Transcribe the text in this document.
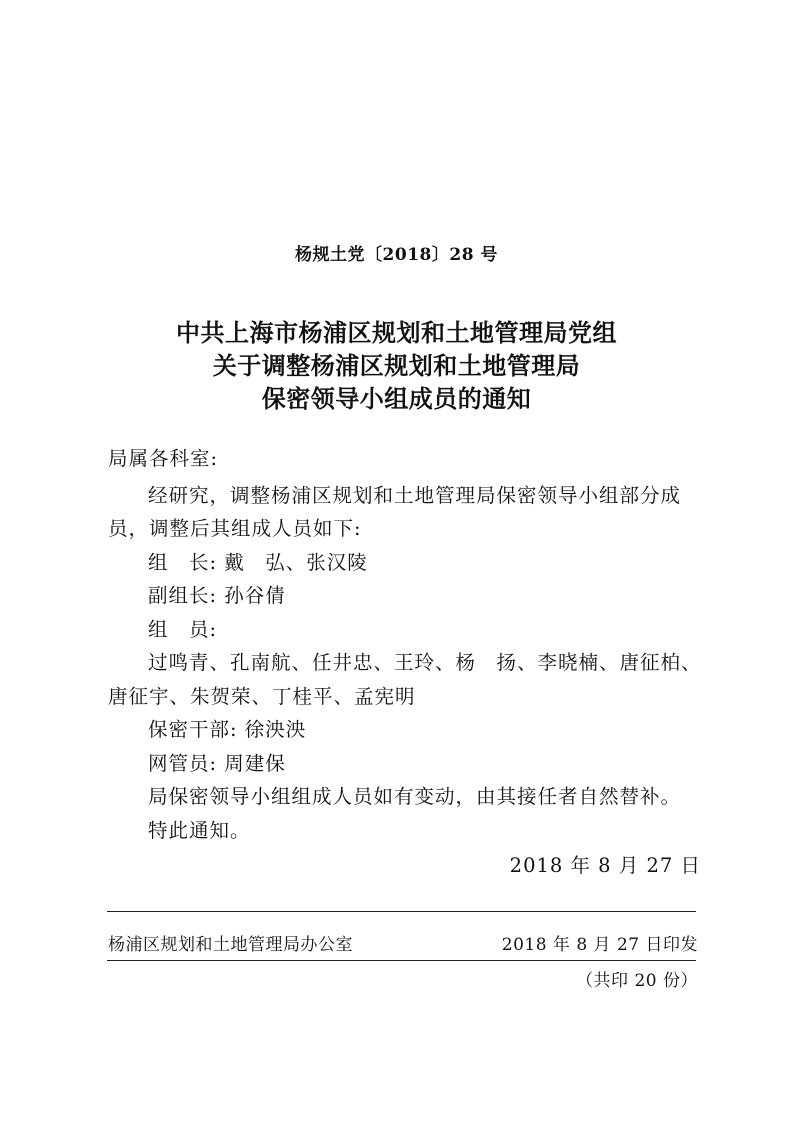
杨规土党〔2018〕28 号
中共上海市杨浦区规划和土地管理局党组
关于调整杨浦区规划和土地管理局
保密领导小组成员的通知
局属各科室:
经研究，调整杨浦区规划和土地管理局保密领导小组部分成
员，调整后其组成人员如下:
组　长: 戴　弘、张汉陵
副组长: 孙谷倩
组　员:
过鸣青、孔南航、任井忠、王玲、杨　扬、李晓楠、唐征柏、
唐征宇、朱贺荣、丁桂平、孟宪明
保密干部: 徐泱泱
网管员: 周建保
局保密领导小组组成人员如有变动，由其接任者自然替补。
特此通知。
2018 年 8 月 27 日
杨浦区规划和土地管理局办公室	2018 年 8 月 27 日印发
（共印 20 份）
